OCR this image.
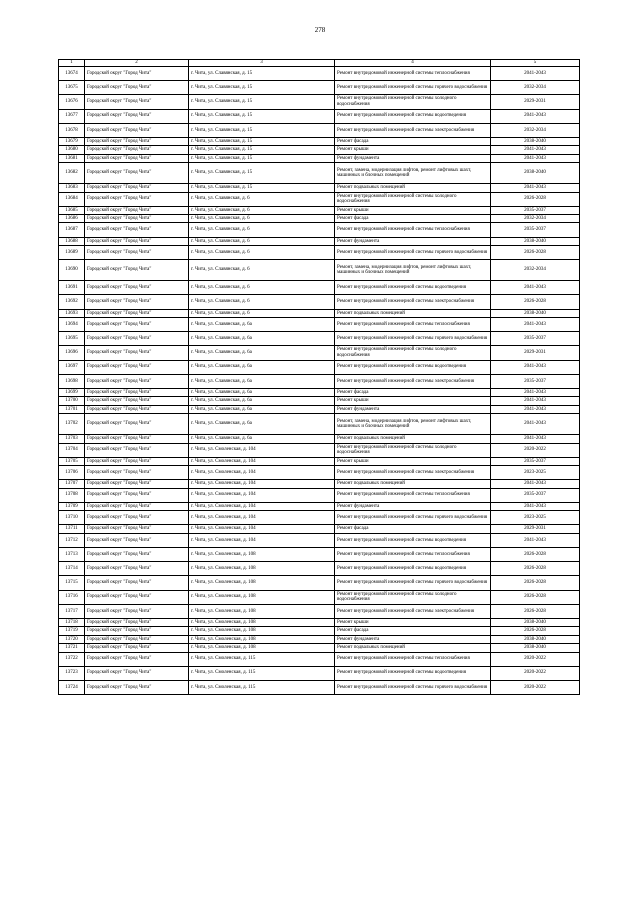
278
1	2	3	4	5
13674	Городской округ "Город Чита"	г. Чита, ул. Славянская, д. 15	Ремонт внутридомовой инженерной системы теплоснабжения	2041-2043
13675	Городской округ "Город Чита"	г. Чита, ул. Славянская, д. 15	Ремонт внутридомовой инженерной системы горячего водоснабжения	2032-2034
13676	Городской округ "Город Чита"	г. Чита, ул. Славянская, д. 15	Ремонт внутридомовой инженерной системы холодного водоснабжения	2029-2031
13677	Городской округ "Город Чита"	г. Чита, ул. Славянская, д. 15	Ремонт внутридомовой инженерной системы водоотведения	2041-2043
13678	Городской округ "Город Чита"	г. Чита, ул. Славянская, д. 15	Ремонт внутридомовой инженерной системы электроснабжения	2032-2034
13679	Городской округ "Город Чита"	г. Чита, ул. Славянская, д. 15	Ремонт фасада	2038-2040
13680	Городской округ "Город Чита"	г. Чита, ул. Славянская, д. 15	Ремонт крыши	2041-2043
13681	Городской округ "Город Чита"	г. Чита, ул. Славянская, д. 15	Ремонт фундамента	2041-2043
13682	Городской округ "Город Чита"	г. Чита, ул. Славянская, д. 15	Ремонт, замена, модернизация лифтов, ремонт лифтовых шахт, машинных и блочных помещений	2038-2040
13683	Городской округ "Город Чита"	г. Чита, ул. Славянская, д. 15	Ремонт подвальных помещений	2041-2043
13684	Городской округ "Город Чита"	г. Чита, ул. Славянская, д. 6	Ремонт внутридомовой инженерной системы холодного водоснабжения	2026-2028
13685	Городской округ "Город Чита"	г. Чита, ул. Славянская, д. 6	Ремонт крыши	2035-2037
13686	Городской округ "Город Чита"	г. Чита, ул. Славянская, д. 6	Ремонт фасада	2032-2034
13687	Городской округ "Город Чита"	г. Чита, ул. Славянская, д. 6	Ремонт внутридомовой инженерной системы теплоснабжения	2035-2037
13688	Городской округ "Город Чита"	г. Чита, ул. Славянская, д. 6	Ремонт фундамента	2038-2040
13689	Городской округ "Город Чита"	г. Чита, ул. Славянская, д. 6	Ремонт внутридомовой инженерной системы горячего водоснабжения	2026-2028
13690	Городской округ "Город Чита"	г. Чита, ул. Славянская, д. 6	Ремонт, замена, модернизация лифтов, ремонт лифтовых шахт, машинных и блочных помещений	2032-2034
13691	Городской округ "Город Чита"	г. Чита, ул. Славянская, д. 6	Ремонт внутридомовой инженерной системы водоотведения	2041-2043
13692	Городской округ "Город Чита"	г. Чита, ул. Славянская, д. 6	Ремонт внутридомовой инженерной системы электроснабжения	2026-2028
13693	Городской округ "Город Чита"	г. Чита, ул. Славянская, д. 6	Ремонт подвальных помещений	2038-2040
13694	Городской округ "Город Чита"	г. Чита, ул. Славянская, д. 6а	Ремонт внутридомовой инженерной системы теплоснабжения	2041-2043
13695	Городской округ "Город Чита"	г. Чита, ул. Славянская, д. 6а	Ремонт внутридомовой инженерной системы горячего водоснабжения	2035-2037
13696	Городской округ "Город Чита"	г. Чита, ул. Славянская, д. 6а	Ремонт внутридомовой инженерной системы холодного водоснабжения	2029-2031
13697	Городской округ "Город Чита"	г. Чита, ул. Славянская, д. 6а	Ремонт внутридомовой инженерной системы водоотведения	2041-2043
13698	Городской округ "Город Чита"	г. Чита, ул. Славянская, д. 6а	Ремонт внутридомовой инженерной системы электроснабжения	2035-2037
13699	Городской округ "Город Чита"	г. Чита, ул. Славянская, д. 6а	Ремонт фасада	2041-2043
13700	Городской округ "Город Чита"	г. Чита, ул. Славянская, д. 6а	Ремонт крыши	2041-2043
13701	Городской округ "Город Чита"	г. Чита, ул. Славянская, д. 6а	Ремонт фундамента	2041-2043
13702	Городской округ "Город Чита"	г. Чита, ул. Славянская, д. 6а	Ремонт, замена, модернизация лифтов, ремонт лифтовых шахт, машинных и блочных помещений	2041-2043
13703	Городской округ "Город Чита"	г. Чита, ул. Славянская, д. 6а	Ремонт подвальных помещений	2041-2043
13704	Городской округ "Город Чита"	г. Чита, ул. Смоленская, д. 104	Ремонт внутридомовой инженерной системы холодного водоснабжения	2020-2022
13705	Городской округ "Город Чита"	г. Чита, ул. Смоленская, д. 104	Ремонт крыши	2035-2037
13706	Городской округ "Город Чита"	г. Чита, ул. Смоленская, д. 104	Ремонт внутридомовой инженерной системы электроснабжения	2023-2025
13707	Городской округ "Город Чита"	г. Чита, ул. Смоленская, д. 104	Ремонт подвальных помещений	2041-2043
13708	Городской округ "Город Чита"	г. Чита, ул. Смоленская, д. 104	Ремонт внутридомовой инженерной системы теплоснабжения	2035-2037
13709	Городской округ "Город Чита"	г. Чита, ул. Смоленская, д. 104	Ремонт фундамента	2041-2043
13710	Городской округ "Город Чита"	г. Чита, ул. Смоленская, д. 104	Ремонт внутридомовой инженерной системы горячего водоснабжения	2023-2025
13711	Городской округ "Город Чита"	г. Чита, ул. Смоленская, д. 104	Ремонт фасада	2029-2031
13712	Городской округ "Город Чита"	г. Чита, ул. Смоленская, д. 104	Ремонт внутридомовой инженерной системы водоотведения	2041-2043
13713	Городской округ "Город Чита"	г. Чита, ул. Смоленская, д. 108	Ремонт внутридомовой инженерной системы теплоснабжения	2026-2028
13714	Городской округ "Город Чита"	г. Чита, ул. Смоленская, д. 108	Ремонт внутридомовой инженерной системы водоотведения	2026-2028
13715	Городской округ "Город Чита"	г. Чита, ул. Смоленская, д. 108	Ремонт внутридомовой инженерной системы горячего водоснабжения	2026-2028
13716	Городской округ "Город Чита"	г. Чита, ул. Смоленская, д. 108	Ремонт внутридомовой инженерной системы холодного водоснабжения	2026-2028
13717	Городской округ "Город Чита"	г. Чита, ул. Смоленская, д. 108	Ремонт внутридомовой инженерной системы электроснабжения	2026-2028
13718	Городской округ "Город Чита"	г. Чита, ул. Смоленская, д. 108	Ремонт крыши	2038-2040
13719	Городской округ "Город Чита"	г. Чита, ул. Смоленская, д. 108	Ремонт фасада	2026-2028
13720	Городской округ "Город Чита"	г. Чита, ул. Смоленская, д. 108	Ремонт фундамента	2038-2040
13721	Городской округ "Город Чита"	г. Чита, ул. Смоленская, д. 108	Ремонт подвальных помещений	2038-2040
13722	Городской округ "Город Чита"	г. Чита, ул. Смоленская, д. 115	Ремонт внутридомовой инженерной системы теплоснабжения	2020-2022
13723	Городской округ "Город Чита"	г. Чита, ул. Смоленская, д. 115	Ремонт внутридомовой инженерной системы водоотведения	2020-2022
13724	Городской округ "Город Чита"	г. Чита, ул. Смоленская, д. 115	Ремонт внутридомовой инженерной системы горячего водоснабжения	2020-2022
